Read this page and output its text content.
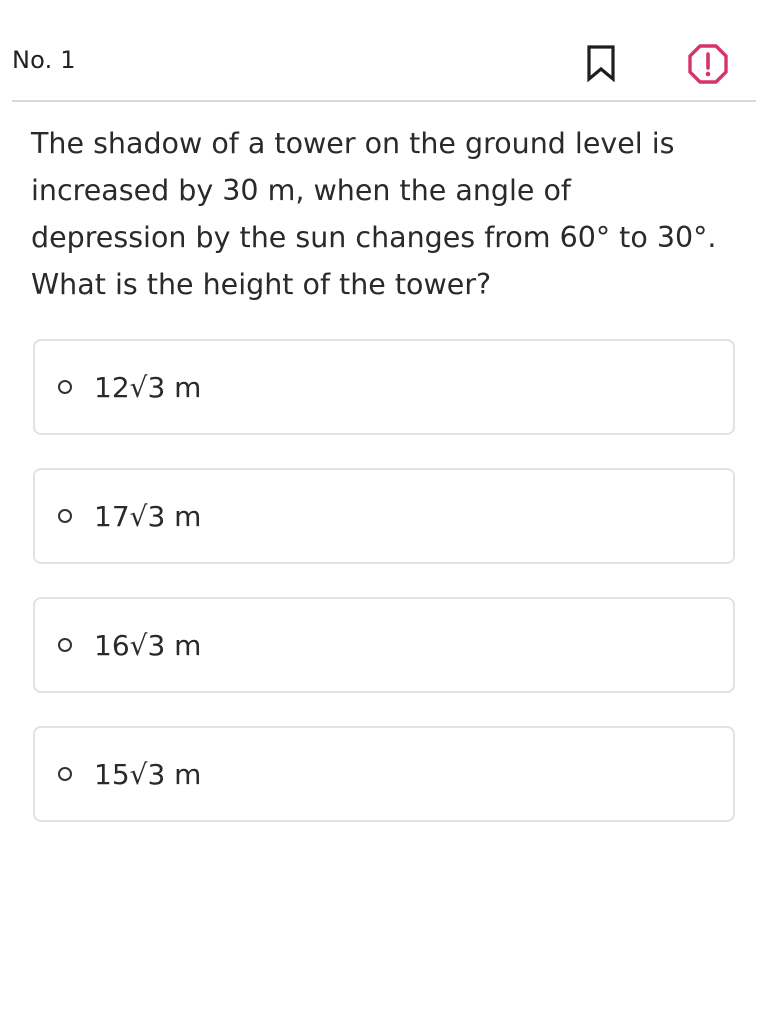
No. 1
The shadow of a tower on the ground level is increased by 30 m, when the angle of depression by the sun changes from 60° to 30°. What is the height of the tower?
12√3 m
17√3 m
16√3 m
15√3 m
